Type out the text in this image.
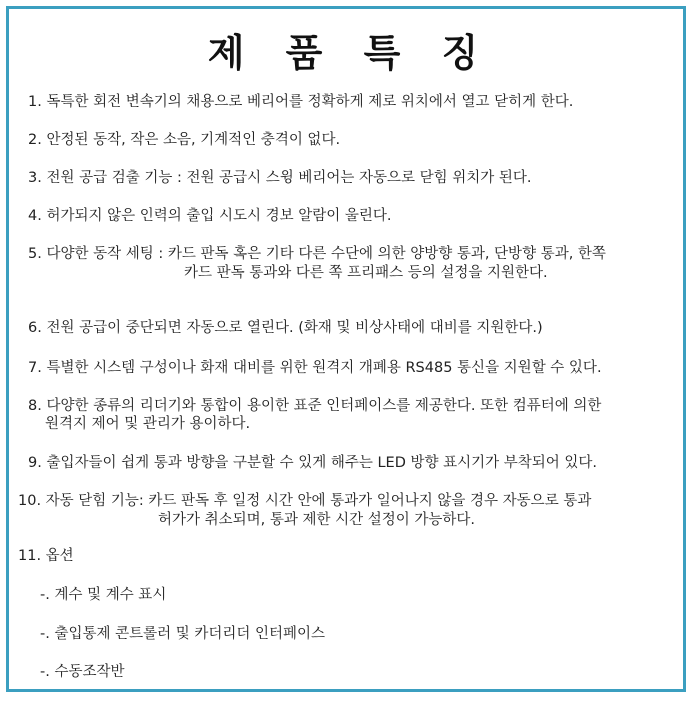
제 품 특 징
1. 독특한 회전 변속기의 채용으로 베리어를 정확하게 제로 위치에서 열고 닫히게 한다.
2. 안정된 동작, 작은 소음, 기계적인 충격이 없다.
3. 전원 공급 검출 기능 : 전원 공급시 스윙 베리어는 자동으로 닫힘 위치가 된다.
4. 허가되지 않은 인력의 출입 시도시 경보 알람이 울린다.
5. 다양한 동작 세팅 : 카드 판독 혹은 기타 다른 수단에 의한 양방향 통과, 단방향 통과, 한쪽
카드 판독 통과와 다른 쪽 프리패스 등의 설정을 지원한다.
6. 전원 공급이 중단되면 자동으로 열린다. (화재 및 비상사태에 대비를 지원한다.)
7. 특별한 시스템 구성이나 화재 대비를 위한 원격지 개폐용 RS485 통신을 지원할 수 있다.
8. 다양한 종류의 리더기와 통합이 용이한 표준 인터페이스를 제공한다. 또한 컴퓨터에 의한
원격지 제어 및 관리가 용이하다.
9. 출입자들이 쉽게 통과 방향을 구분할 수 있게 해주는 LED 방향 표시기가 부착되어 있다.
10. 자동 닫힘 기능: 카드 판독 후 일정 시간 안에 통과가 일어나지 않을 경우 자동으로 통과
허가가 취소되며, 통과 제한 시간 설정이 가능하다.
11. 옵션
-. 계수 및 계수 표시
-. 출입통제 콘트롤러 및 카더리더 인터페이스
-. 수동조작반
